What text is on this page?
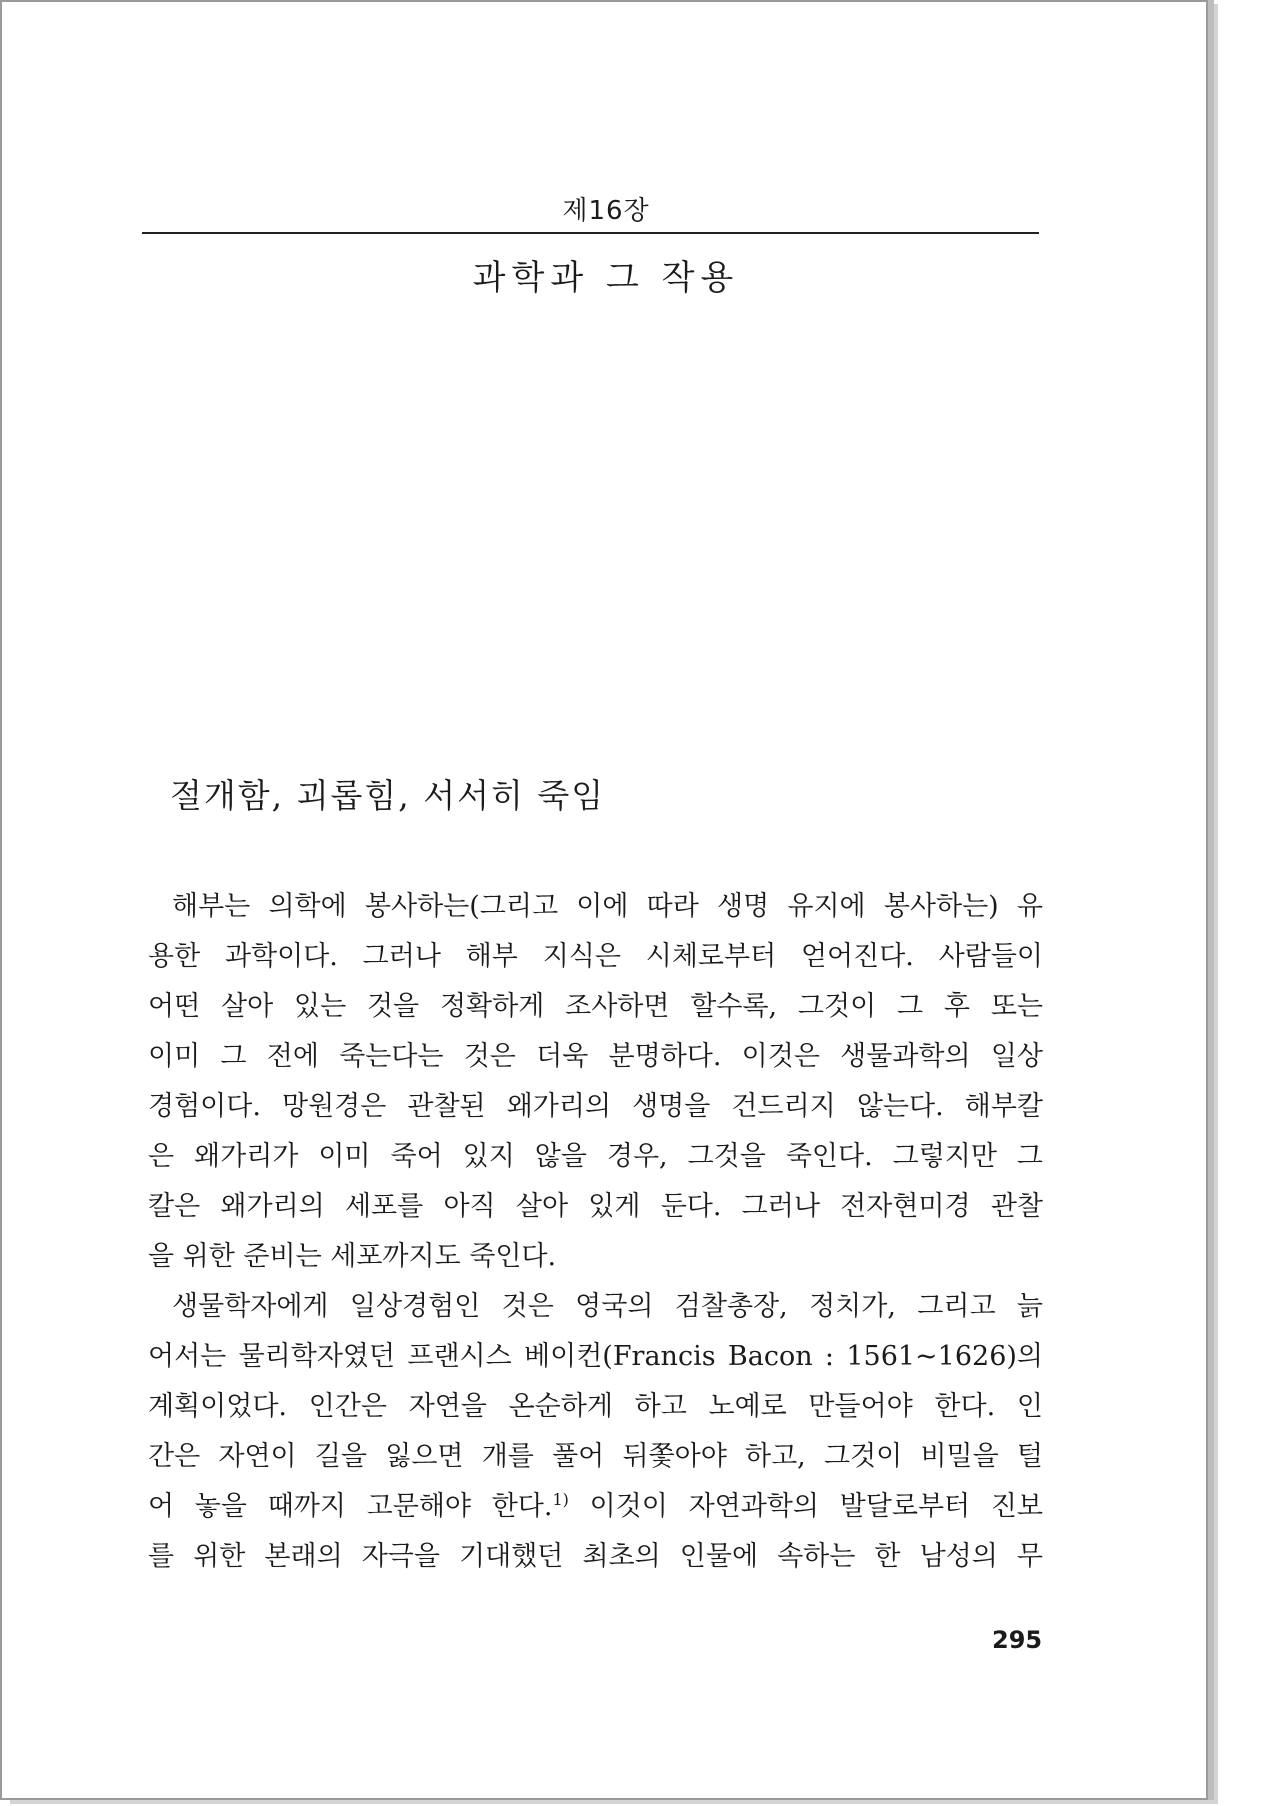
제16장
과학과 그 작용
절개함, 괴롭힘, 서서히 죽임
해부는 의학에 봉사하는(그리고 이에 따라 생명 유지에 봉사하는) 유
용한 과학이다. 그러나 해부 지식은 시체로부터 얻어진다. 사람들이
어떤 살아 있는 것을 정확하게 조사하면 할수록, 그것이 그 후 또는
이미 그 전에 죽는다는 것은 더욱 분명하다. 이것은 생물과학의 일상
경험이다. 망원경은 관찰된 왜가리의 생명을 건드리지 않는다. 해부칼
은 왜가리가 이미 죽어 있지 않을 경우, 그것을 죽인다. 그렇지만 그
칼은 왜가리의 세포를 아직 살아 있게 둔다. 그러나 전자현미경 관찰
을 위한 준비는 세포까지도 죽인다.
생물학자에게 일상경험인 것은 영국의 검찰총장, 정치가, 그리고 늙
어서는 물리학자였던 프랜시스 베이컨(Francis Bacon : 1561~1626)의
계획이었다. 인간은 자연을 온순하게 하고 노예로 만들어야 한다. 인
간은 자연이 길을 잃으면 개를 풀어 뒤쫓아야 하고, 그것이 비밀을 털
어 놓을 때까지 고문해야 한다.$^{1)}$ 이것이 자연과학의 발달로부터 진보
를 위한 본래의 자극을 기대했던 최초의 인물에 속하는 한 남성의 무
295
